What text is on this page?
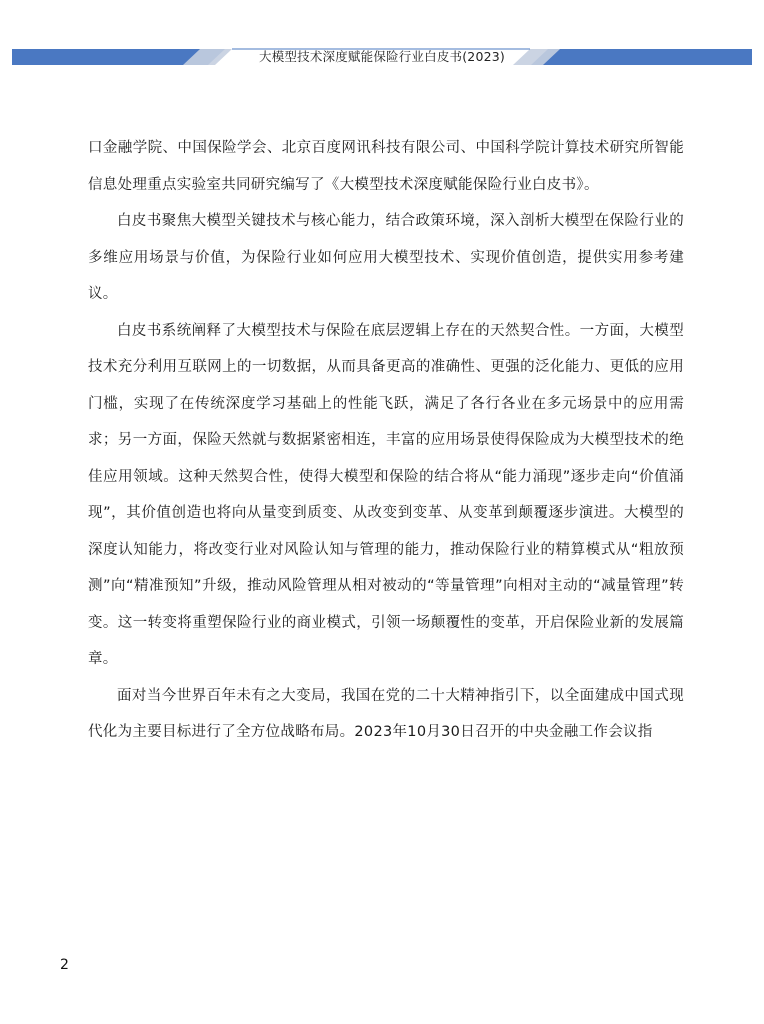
大模型技术深度赋能保险行业白皮书(2023)

口金融学院、中国保险学会、北京百度网讯科技有限公司、中国科学院计算技术研究所智能信息处理重点实验室共同研究编写了《大模型技术深度赋能保险行业白皮书》。

白皮书聚焦大模型关键技术与核心能力，结合政策环境，深入剖析大模型在保险行业的多维应用场景与价值，为保险行业如何应用大模型技术、实现价值创造，提供实用参考建议。

白皮书系统阐释了大模型技术与保险在底层逻辑上存在的天然契合性。一方面，大模型技术充分利用互联网上的一切数据，从而具备更高的准确性、更强的泛化能力、更低的应用门槛，实现了在传统深度学习基础上的性能飞跃，满足了各行各业在多元场景中的应用需求；另一方面，保险天然就与数据紧密相连，丰富的应用场景使得保险成为大模型技术的绝佳应用领域。这种天然契合性，使得大模型和保险的结合将从“能力涌现”逐步走向“价值涌现”，其价值创造也将向从量变到质变、从改变到变革、从变革到颠覆逐步演进。大模型的深度认知能力，将改变行业对风险认知与管理的能力，推动保险行业的精算模式从“粗放预测”向“精准预知”升级，推动风险管理从相对被动的“等量管理”向相对主动的“减量管理”转变。这一转变将重塑保险行业的商业模式，引领一场颠覆性的变革，开启保险业新的发展篇章。

面对当今世界百年未有之大变局，我国在党的二十大精神指引下，以全面建成中国式现代化为主要目标进行了全方位战略布局。2023年10月30日召开的中央金融工作会议指

2
